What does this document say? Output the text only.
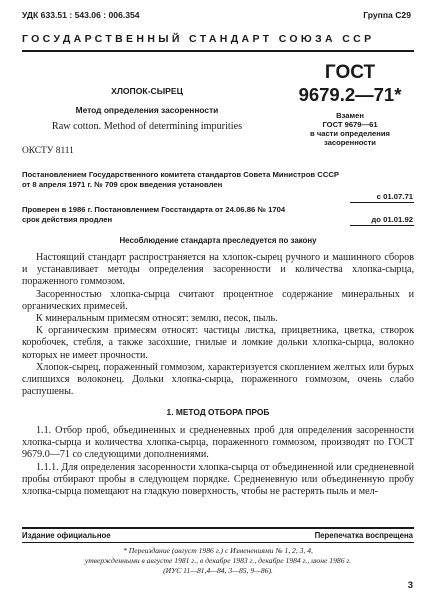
УДК 633.51 : 543.06 : 006.354	Группа С29
ГОСУДАРСТВЕННЫЙ СТАНДАРТ СОЮЗА ССР
ХЛОПОК-СЫРЕЦ
Метод определения засоренности
Raw cotton. Method of determining impurities
ОКСТУ 8111
ГОСТ
9679.2—71*
Взамен
ГОСТ 9679—61
в части определения
засоренности
Постановлением Государственного комитета стандартов Совета Министров СССР
от 8 апреля 1971 г. № 709 срок введения установлен
с 01.07.71
Проверен в 1986 г. Постановлением Госстандарта от 24.06.86 № 1704
срок действия продлен	до 01.01.92
Несоблюдение стандарта преследуется по закону

Настоящий стандарт распространяется на хлопок-сырец ручного и машинного сборов и устанавливает методы определения засоренности и количества хлопка-сырца, пораженного гоммозом.

Засоренностью хлопка-сырца считают процентное содержание минеральных и органических примесей.

К минеральным примесям относят: землю, песок, пыль.

К органическим примесям относят: частицы листка, прицветника, цветка, створок коробочек, стебля, а также засохшие, гнилые и ломкие дольки хлопка-сырца, волокно которых не имеет прочности.

Хлопок-сырец, пораженный гоммозом, характеризуется скоплением желтых или бурых слипшихся волоконец. Дольки хлопка-сырца, пораженного гоммозом, очень слабо распушены.

1. МЕТОД ОТБОРА ПРОБ

1.1. Отбор проб, объединенных и средненевных проб для определения засоренности хлопка-сырца и количества хлопка-сырца, пораженного гоммозом, производят по ГОСТ 9679.0—71 со следующими дополнениями.

1.1.1. Для определения засоренности хлопка-сырца от объединенной или средненевной пробы отбирают пробы в следующем порядке. Средненевную или объединенную пробу хлопка-сырца помещают на гладкую поверхность, чтобы не растерять пыль и мел-

Издание официальное	Перепечатка воспрещена
* Переиздание (август 1986 г.) с Изменениями № 1, 2, 3, 4,
утвержденными в августе 1981 г., в декабре 1983 г., декабре 1984 г., июне 1986 г.
(ИУС 11—81,4—84, 3—85, 9—86).
3
